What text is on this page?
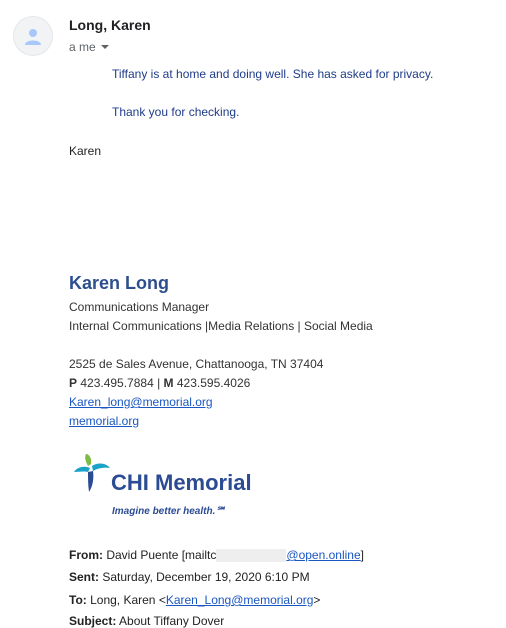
Long, Karen
a me
Tiffany is at home and doing well. She has asked for privacy.
Thank you for checking.
Karen
Karen Long
Communications Manager
Internal Communications |Media Relations | Social Media
2525 de Sales Avenue, Chattanooga, TN 37404
P 423.495.7884 | M 423.595.4026
Karen_long@memorial.org
memorial.org
CHI Memorial
Imagine better health.℠
From: David Puente [mailtc	@open.online]
Sent: Saturday, December 19, 2020 6:10 PM
To: Long, Karen <Karen_Long@memorial.org>
Subject: About Tiffany Dover
